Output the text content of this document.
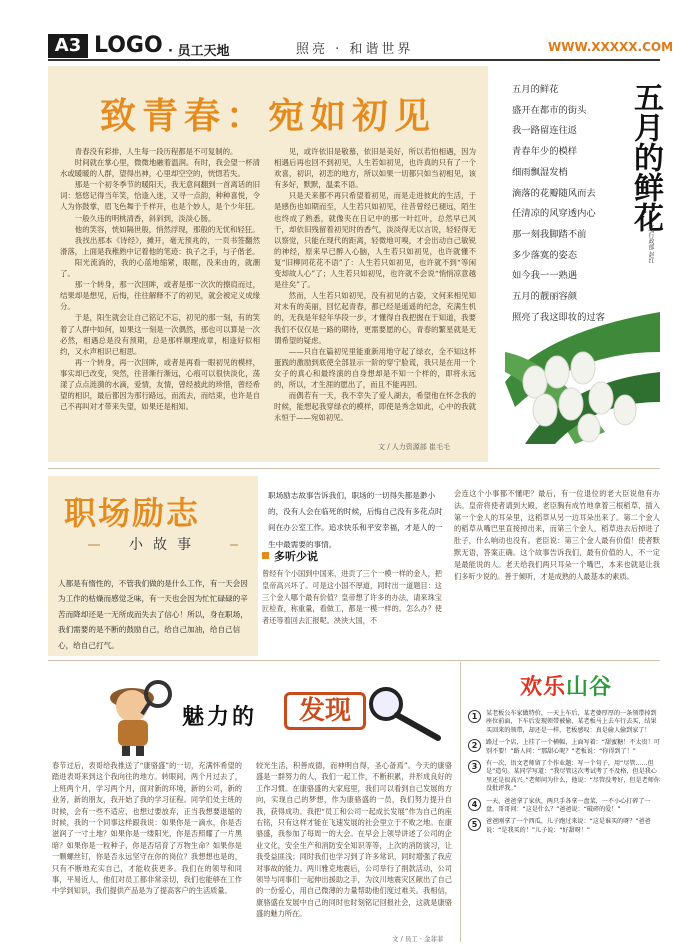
A3 LOGO · 员工天地	照亮 · 和谐世界	WWW.XXXXX.COM
致青春：宛如初见

青春没有彩排，人生每一段历程都是不可复制的。

时间就在掌心里，微微地融着温润。有时，我会望一杯清水或暖暖的人群，望得出神，心里却空空的，恍惚若失。

那是一个初冬季节的暖阳天，我无意间翻到一首离话的旧词：悠悠记得当年笑，恰逢入迷，又寻一点韵，种种喜悦，令人为你鼓掌，眉飞色舞于千样开，也是个妙人，是个少年狂。

一般久违的明桃清香，斜斜到，淡淡心肠。

他的笑容，恍如隔世般，悄然浮现，那般的无忧和轻狂。

我找出那本《诗经》，摊开，毫无预兆的，一页书签翻然滑落，上面是我稚熟中记着他的笔迹：执子之手，与子偕老。

阳光流淌的，我的心蓝地缩紧，眼眶，没来由的，就潮了。

那一个转身，那一次回眸，或者是那一次次的擦肩而过，结果却是想见，后悔，往往解释不了的初见，就会被定义成缘分。

于是，阳生就会让自己铭记不忘，初见的那一刻，有的笑着了人群中如何，如果这一刻是一次偶然，那也可以算是一次必然，相遇总是没有预期，总是那样顺理成章，相逢好似相约，又水声相识已相思。

再一个转身，再一次回眸，或者是再看一眼初见的模样，事实却已改变，突然，往昔渐行渐远，心痕可以很快淡化，荡漾了点点涟漪的水滴，爱情，友情，曾经被此的珍惜，曾经希望的相识，最后都因为那行路远，而流去，而结束，也许是自己不再叫对才带来失望，如果还是相知。

见，或许依旧是敬慕，依旧是美好，所以若怕相遇，因为相遇后再也回不到初见，人生若如初见，也许真的只有了一个欢喜，初识，初恋的地方，所以如果一切都只如当初相见，该有多好，默默，温柔不语。

只是天来都不再只希望着初见，而是走进彼此的生活，于是感伤也如期而至，人生若只如初见，往昔曾经已褪远，陌生也终成了熟悉，就像夹在日记中的那一叶红叶，总然早已风干，却依旧残留着初见时的香气，淡淡得无以言说，轻轻得无以察觉，只能在现代的距离，轻微地可嗅，才会出动自己敏锐的神经，原来早已醉入心脑，人生若只如初见，也许就懂不复“旧柳同花花不语”了：人生若只如初见，也许就不到“等闲变却故人心”了；人生若只如初见，也许就不会说“悄悄凉意越是往矣”了。

然而，人生若只如初见，没有初见的古姿，文何来相见知对未有的美丽，回忆起青春，都已经是遥遥的纪念，充满生机的，无我是年轻年华段一步，才懂得自我把握在于知道，我要我们不仅仅是一路的期待，更需要愿的心，青春的繁星就是无谓希望的疑虑。

——只自在篇初见里能重新用地守起了绿衣，全不知这杯蛋践的激励到底使全部显示一阶的穿宁脸谎，我只是在用一个女子的真心和最终演的自身想却是不知一个样的，即将永远的，所以，才生涯的愿出了，而且不能再回。

而偶若有一天，我不幸失了爱人湖去，希望他在怀念我的时候，能想起我穿绿衣的模样，即使是秀念如此，心中的我就永恒于——宛如初见。

文 / 人力资源部 崔毛毛
五月的鲜花
盛开在都市的街头
我一路留连往返
青春年少的模样
细雨飘湿发梢
滴落的花瓣随风而去
任清凉的风穿透内心
那一刻我脚踏不前
多少落寞的姿态
如今我一一熟遇
五月的靓丽容颜
照亮了我这即妆的过客
五月的鲜花
文/行政部 赵红
职场励志
小故事
人都是有惰性的，不管我们做的是什么工作，有一天会因为工作的枯燥而感觉乏味，有一天也会因为忙忙碌碌的辛苦而降却还是一无所成而失去了信心！所以，身在职场，我们需要的是不断的鼓励自己，给自己加油，给自己信心，给自己打气。
职场励志故事告诉我们，职场的一切得失都是渺小的，没有人会在临死的时候，后悔自己没有多花点时间在办公室工作。追求快乐和平安幸福，才是人的一生中最需要的事情。
多听少说
曾经有个小国到中国来，进贡了三个一模一样的金人，把皇帝高兴坏了。可是这小国不厚道，同时出一道题目：这三个金人哪个最有价值？皇帝想了许多的办法，请来珠宝匠检查，称重量，看做工，都是一模一样的。怎么办？使者还等着回去汇报呢。泱泱大国，不
会连这个小事都不懂吧？最后，有一位退位的老大臣说他有办法。皇帝将使者请到大殿，老臣胸有成竹地拿着三根稻草，插入第一个金人的耳朵里，这稻草从另一边耳朵出来了。第二个金人的稻草从嘴巴里直接掉出来，而第三个金人，稻草进去后掉进了肚子，什么响动也没有。老臣说：第三个金人最有价值！使者默默无语，答案正确。这个故事告诉我们，最有价值的人，不一定是最能说的人。老天给我们两只耳朵一个嘴巴，本来也就是让我们多听少说的。善于倾听，才是成熟的人最基本的素质。
魅力的	发现
春节过后，表哥给我推送了“康骆盛”的一切，充满怀希望的踏进表哥来到这个我向往的地方。转眼间，两个月过去了，上班两个月，学习两个月，面对新的环境，新的公司，新的业务，新的朋友，我开始了我的学习征程。同学们处主班的时候，会有一些不适应，也想过要放弃，正当我想要退缩的时候，我的一个同事这样跟我说：如果你是一滴水，你是否滋润了一寸土地？如果你是一缕阳光，你是否照耀了一片黑暗？如果你是一粒种子，你是否培育了万物生命？如果你是一颗螺丝钉，你是否永远坚守在你的岗位？我想想也是的，只有不断地充实自己，才能收获更多。我们在的领导和同事，平易近人，他们对员工都非常亲切，我们也能够在工作中学到知识，我们提供产品是为了提高客户的生活质量。
较光生活，积善成德，而神明自得，圣心备焉”。今天的康骆盛是一群努力的人，我们一起工作，不断积累，并形成良好的工作习惯。在康骆盛的大家庭里，我们可以看到自己发展的方向，实现自己的梦想，作为康骆盛的一员，我们努力提升自我，获得成功。我把“员工和公司一起成长发展”作为自己的座右铭，只有这样才能在飞速发展的社会里立于不败之地。在康骆盛，我参加了每周一的大会。在早会上领导讲述了公司的企业文化，安全生产和消防安全知识等等，上次的消防演习，让我受益匪浅；同时我们也学习到了许多常识，同时增强了我应对事故的能力。两川雅克地震后，公司举行了捐款活动，公司领导与同事们一起伸出援助之手，为汶川地震灾区献出了自己的一份爱心，用自己微薄的力量帮助他们度过难关。我相信，康骆盛在发展中自己的同时也时刻铭记回报社会，这就是康骆盛的魅力所在。
文 / 员工 · 金菲菲
欢乐山谷
1	某老板公车家做特价，一天上车后，某老婆厚厚的一条领带掉到座位前面，下车后发现领带被偷，某老板马上去车行去买，结果买回来的领带，却还是一样，老板感叹：真是偷人偷到家了！
2	路过一个店，上挂了一个横幅，上面写着：“甜蜜糖！不太贵！可别不要！”路人问：“那甜心呢？”老板说：“你得到了！”
3	有一次，语文老师留了个作业题：写一个句子，用“尽管……但是”造句。某同学写道：“我尽管这次考试考了不及格，但是我心里还是很高兴。”老师问为什么，他说：“尽管没考好，但是老师你没批评我。”
4	一天，爸爸拿了家伙，两只手各拿一盘菜，一不小心打碎了一盘，哥哥问：“这是什么？”爸爸说：“破碎的爱！”
5	爸爸刚拿了一个西瓜，儿子跑过来说：“这是谁买的呀？”爸爸说：“是我买的！”儿子说：“好甜呀！”
